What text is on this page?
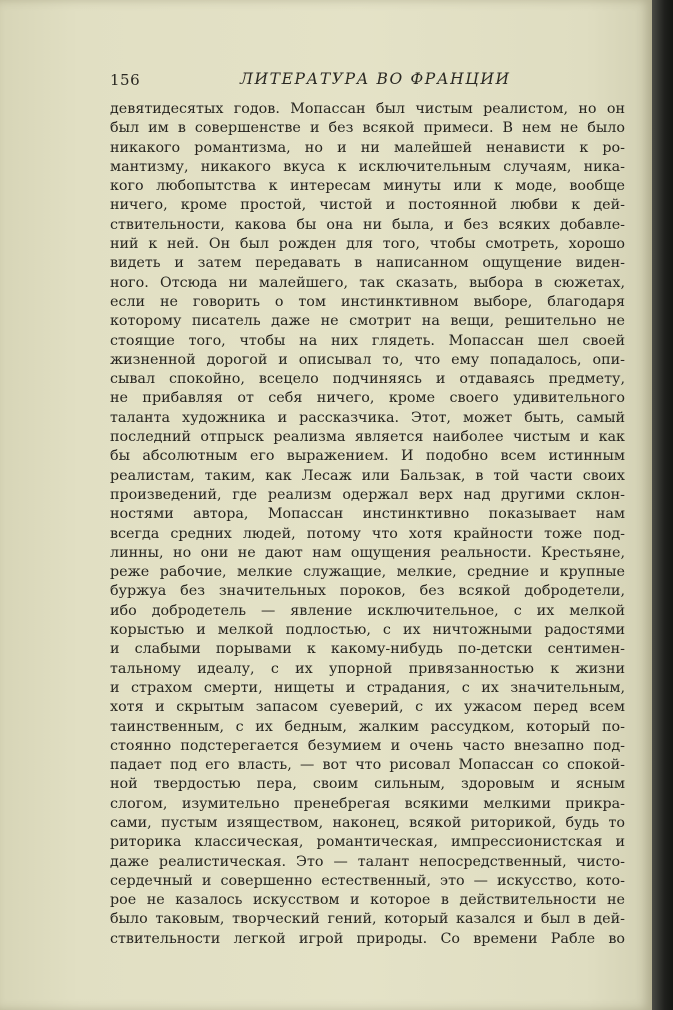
156	ЛИТЕРАТУРА ВО ФРАНЦИИ
девятидесятых годов. Мопассан был чистым реалистом, но он
был им в совершенстве и без всякой примеси. В нем не было
никакого романтизма, но и ни малейшей ненависти к ро-
мантизму, никакого вкуса к исключительным случаям, ника-
кого любопытства к интересам минуты или к моде, вообще
ничего, кроме простой, чистой и постоянной любви к дей-
ствительности, какова бы она ни была, и без всяких добавле-
ний к ней. Он был рожден для того, чтобы смотреть, хорошо
видеть и затем передавать в написанном ощущение виден-
ного. Отсюда ни малейшего, так сказать, выбора в сюжетах,
если не говорить о том инстинктивном выборе, благодаря
которому писатель даже не смотрит на вещи, решительно не
стоящие того, чтобы на них глядеть. Мопассан шел своей
жизненной дорогой и описывал то, что ему попадалось, опи-
сывал спокойно, всецело подчиняясь и отдаваясь предмету,
не прибавляя от себя ничего, кроме своего удивительного
таланта художника и рассказчика. Этот, может быть, самый
последний отпрыск реализма является наиболее чистым и как
бы абсолютным его выражением. И подобно всем истинным
реалистам, таким, как Лесаж или Бальзак, в той части своих
произведений, где реализм одержал верх над другими склон-
ностями автора, Мопассан инстинктивно показывает нам
всегда средних людей, потому что хотя крайности тоже под-
линны, но они не дают нам ощущения реальности. Крестьяне,
реже рабочие, мелкие служащие, мелкие, средние и крупные
буржуа без значительных пороков, без всякой добродетели,
ибо добродетель — явление исключительное, с их мелкой
корыстью и мелкой подлостью, с их ничтожными радостями
и слабыми порывами к какому-нибудь по-детски сентимен-
тальному идеалу, с их упорной привязанностью к жизни
и страхом смерти, нищеты и страдания, с их значительным,
хотя и скрытым запасом суеверий, с их ужасом перед всем
таинственным, с их бедным, жалким рассудком, который по-
стоянно подстерегается безумием и очень часто внезапно под-
падает под его власть, — вот что рисовал Мопассан со спокой-
ной твердостью пера, своим сильным, здоровым и ясным
слогом, изумительно пренебрегая всякими мелкими прикра-
сами, пустым изяществом, наконец, всякой риторикой, будь то
риторика классическая, романтическая, импрессионистская и
даже реалистическая. Это — талант непосредственный, чисто-
сердечный и совершенно естественный, это — искусство, кото-
рое не казалось искусством и которое в действительности не
было таковым, творческий гений, который казался и был в дей-
ствительности легкой игрой природы. Со времени Рабле во
